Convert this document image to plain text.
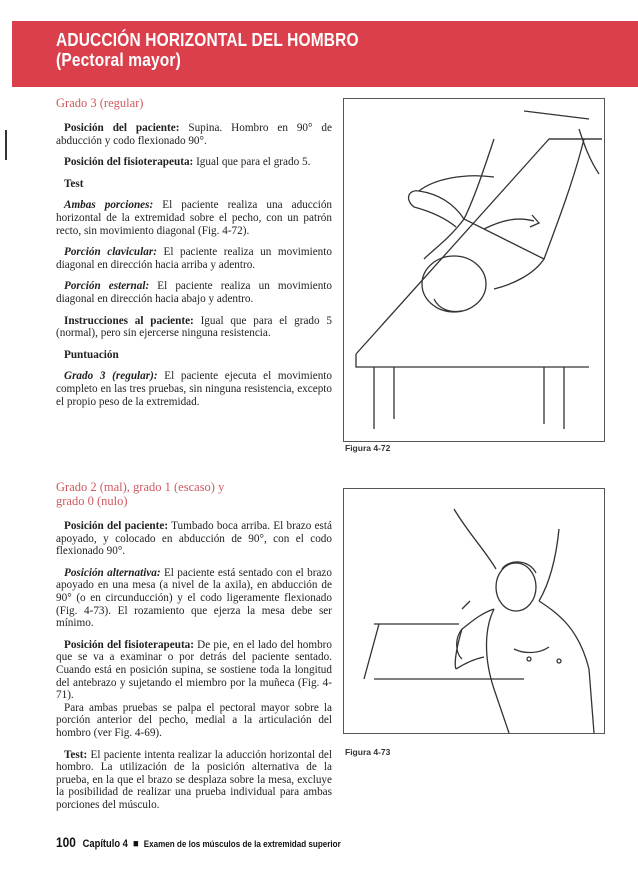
ADUCCIÓN HORIZONTAL DEL HOMBRO
(Pectoral mayor)

Grado 3 (regular)

Posición del paciente: Supina. Hombro en 90° de abducción y codo flexionado 90°.

Posición del fisioterapeuta: Igual que para el grado 5.

Test

Ambas porciones: El paciente realiza una aducción horizontal de la extremidad sobre el pecho, con un patrón recto, sin movimiento diagonal (Fig. 4-72).

Porción clavicular: El paciente realiza un movimiento diagonal en dirección hacia arriba y adentro.

Porción esternal: El paciente realiza un movimiento diagonal en dirección hacia abajo y adentro.

Instrucciones al paciente: Igual que para el grado 5 (normal), pero sin ejercerse ninguna resistencia.

Puntuación

Grado 3 (regular): El paciente ejecuta el movimiento completo en las tres pruebas, sin ninguna resistencia, excepto el propio peso de la extremidad.

Grado 2 (mal), grado 1 (escaso) y

grado 0 (nulo)

Posición del paciente: Tumbado boca arriba. El brazo está apoyado, y colocado en abducción de 90°, con el codo flexionado 90°.

Posición alternativa: El paciente está sentado con el brazo apoyado en una mesa (a nivel de la axila), en abducción de 90° (o en circunducción) y el codo ligeramente flexionado (Fig. 4-73). El rozamiento que ejerza la mesa debe ser mínimo.

Posición del fisioterapeuta: De pie, en el lado del hombro que se va a examinar o por detrás del paciente sentado. Cuando está en posición supina, se sostiene toda la longitud del antebrazo y sujetando el miembro por la muñeca (Fig. 4-71).

Para ambas pruebas se palpa el pectoral mayor sobre la porción anterior del pecho, medial a la articulación del hombro (ver Fig. 4-69).

Test: El paciente intenta realizar la aducción horizontal del hombro. La utilización de la posición alternativa de la prueba, en la que el brazo se desplaza sobre la mesa, excluye la posibilidad de realizar una prueba individual para ambas porciones del músculo.

Figura 4-72
Figura 4-73
100 Capítulo 4 ■ Examen de los músculos de la extremidad superior
